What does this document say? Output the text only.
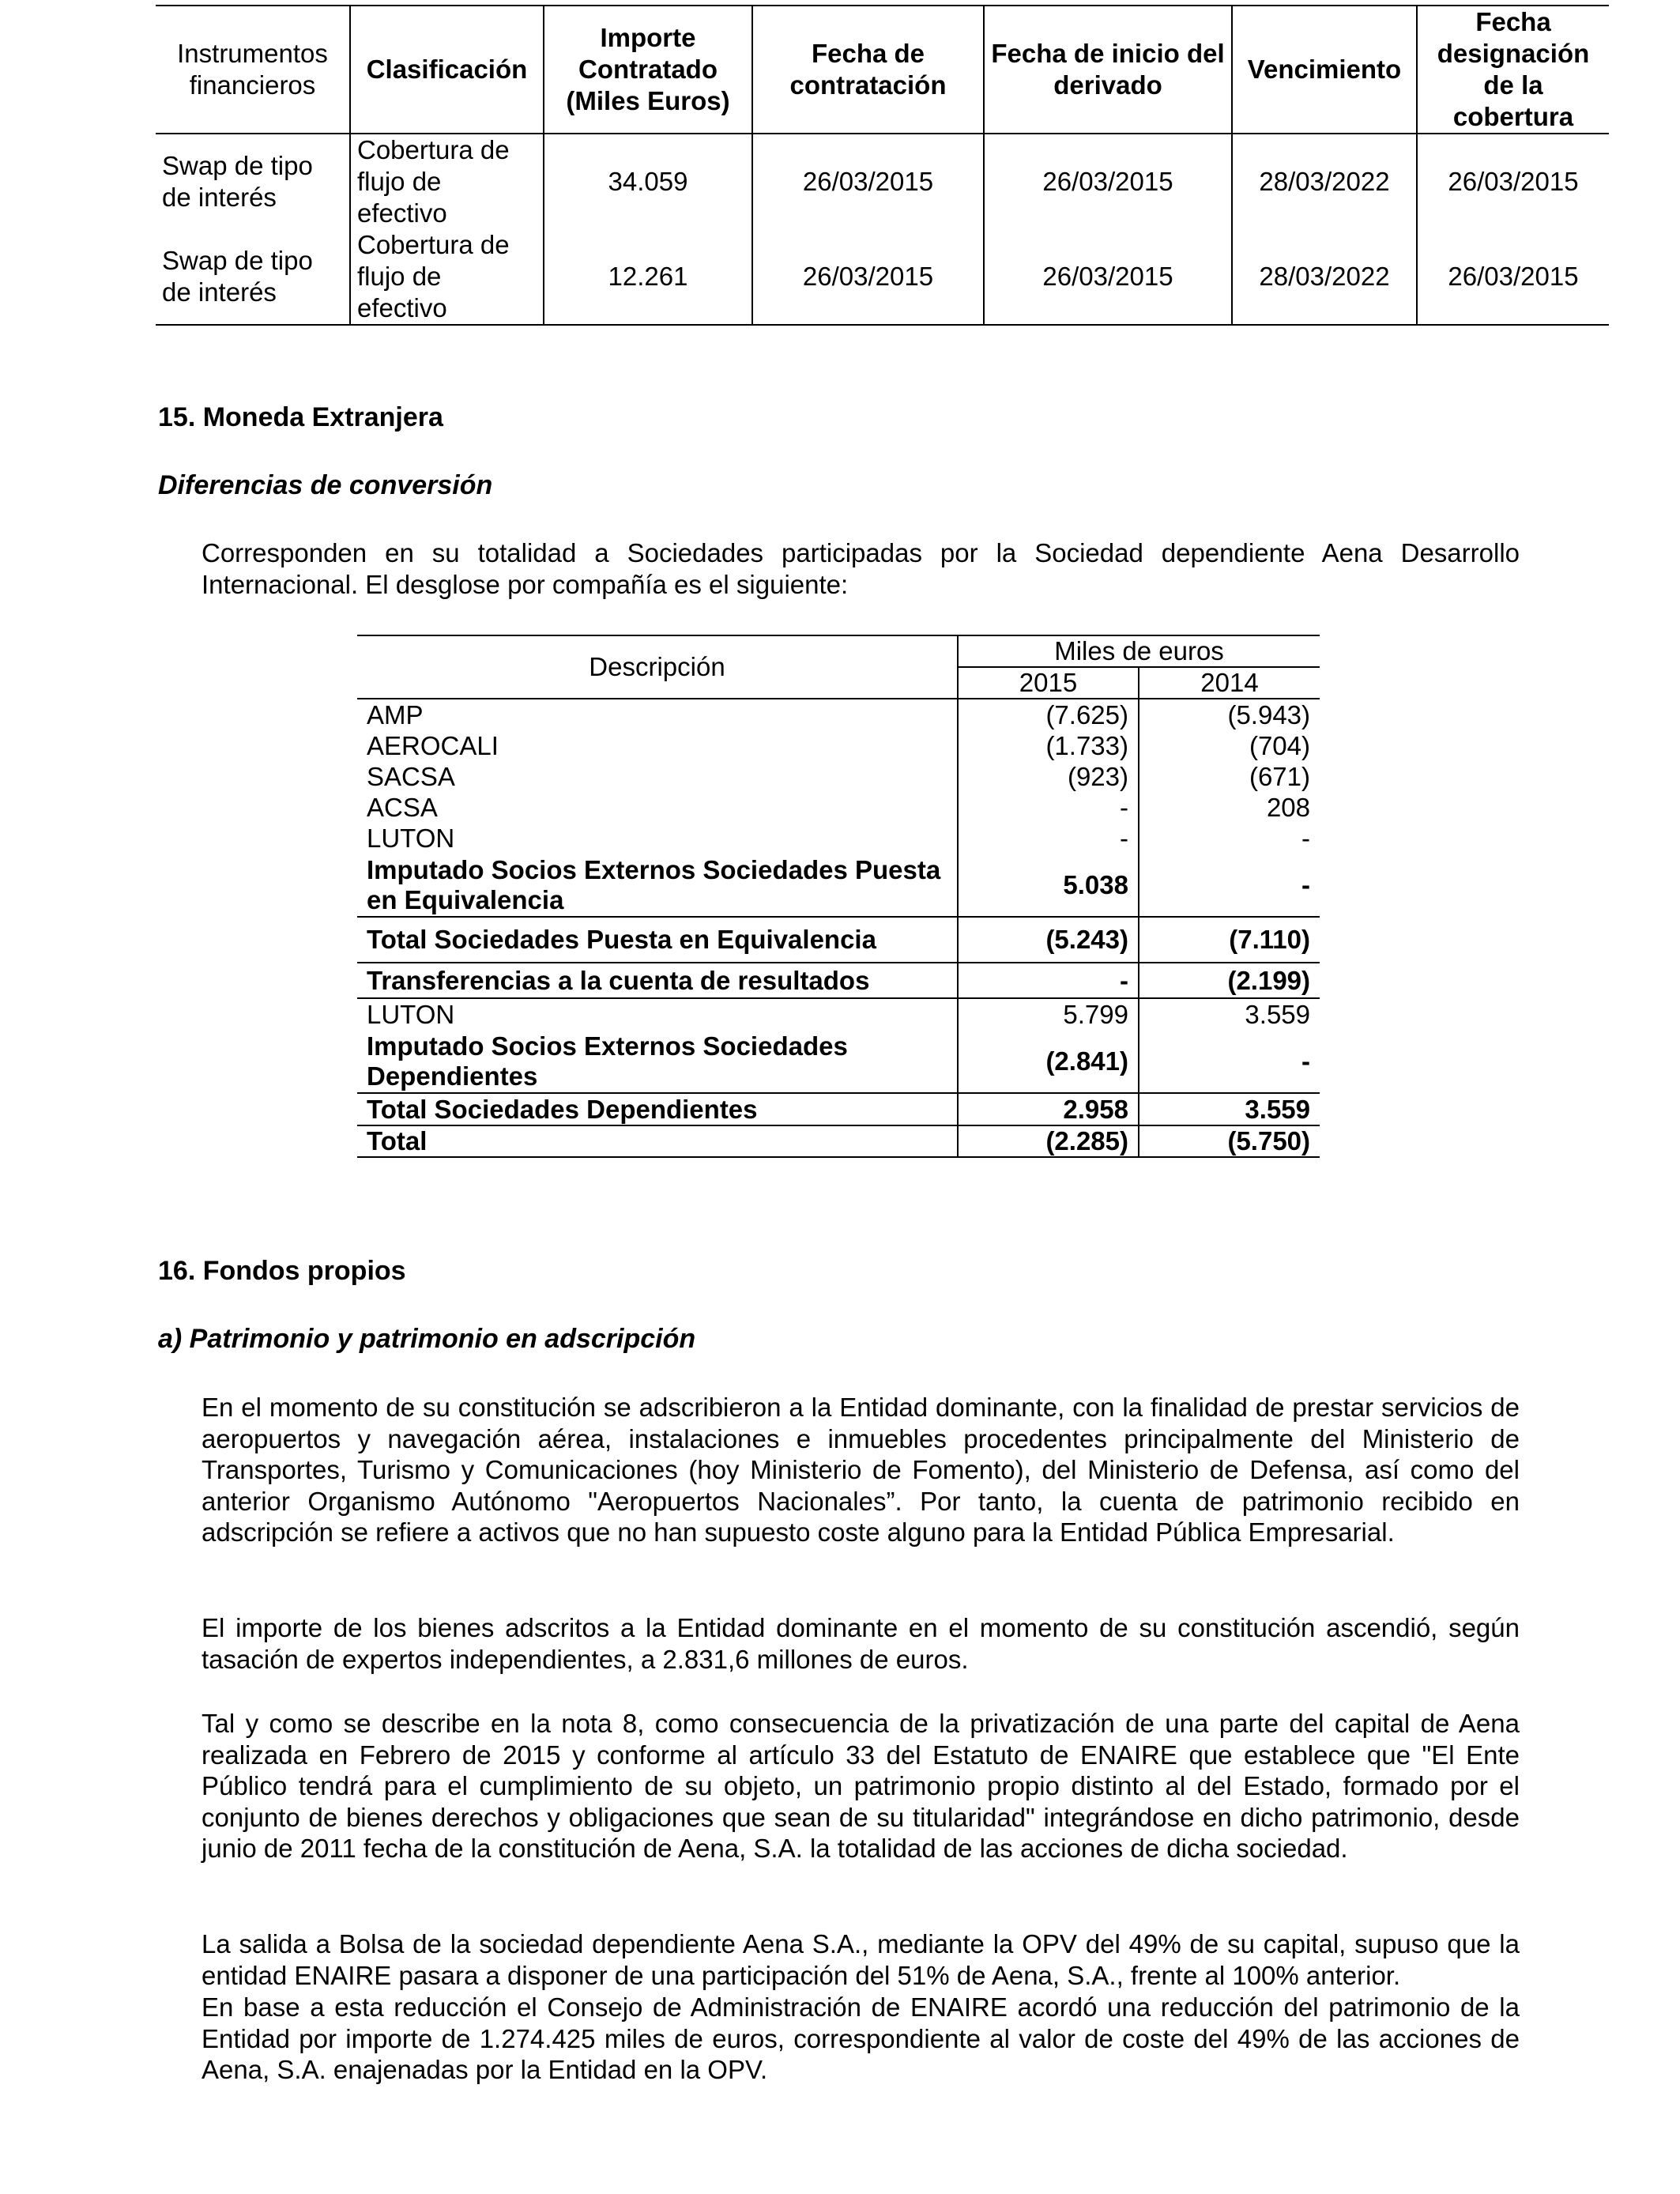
Instrumentos financieros	Clasificación	Importe Contratado (Miles Euros)	Fecha de contratación	Fecha de inicio del derivado	Vencimiento	Fecha designación de la cobertura
Swap de tipo de interés	Cobertura de flujo de efectivo	34.059	26/03/2015	26/03/2015	28/03/2022	26/03/2015
Swap de tipo de interés	Cobertura de flujo de efectivo	12.261	26/03/2015	26/03/2015	28/03/2022	26/03/2015
15. Moneda Extranjera
Diferencias de conversión
Corresponden en su totalidad a Sociedades participadas por la Sociedad dependiente Aena Desarrollo Internacional. El desglose por compañía es el siguiente:
Descripción	Miles de euros	
	2015	2014
AMP	(7.625)	(5.943)
AEROCALI	(1.733)	(704)
SACSA	(923)	(671)
ACSA	-	208
LUTON	-	-
Imputado Socios Externos Sociedades Puesta en Equivalencia	5.038	-
Total Sociedades Puesta en Equivalencia	(5.243)	(7.110)
Transferencias a la cuenta de resultados	-	(2.199)
LUTON	5.799	3.559
Imputado Socios Externos Sociedades Dependientes	(2.841)	-
Total Sociedades Dependientes	2.958	3.559
Total	(2.285)	(5.750)
16. Fondos propios
a) Patrimonio y patrimonio en adscripción
En el momento de su constitución se adscribieron a la Entidad dominante, con la finalidad de prestar servicios de aeropuertos y navegación aérea, instalaciones e inmuebles procedentes principalmente del Ministerio de Transportes, Turismo y Comunicaciones (hoy Ministerio de Fomento), del Ministerio de Defensa, así como del anterior Organismo Autónomo "Aeropuertos Nacionales”. Por tanto, la cuenta de patrimonio recibido en adscripción se refiere a activos que no han supuesto coste alguno para la Entidad Pública Empresarial.
El importe de los bienes adscritos a la Entidad dominante en el momento de su constitución ascendió, según tasación de expertos independientes, a 2.831,6 millones de euros.
Tal y como se describe en la nota 8, como consecuencia de la privatización de una parte del capital de Aena realizada en Febrero de 2015 y conforme al artículo 33 del Estatuto de ENAIRE que establece que "El Ente Público tendrá para el cumplimiento de su objeto, un patrimonio propio distinto al del Estado, formado por el conjunto de bienes derechos y obligaciones que sean de su titularidad" integrándose en dicho patrimonio, desde junio de 2011 fecha de la constitución de Aena, S.A. la totalidad de las acciones de dicha sociedad.
La salida a Bolsa de la sociedad dependiente Aena S.A., mediante la OPV del 49% de su capital, supuso que la entidad ENAIRE pasara a disponer de una participación del 51% de Aena, S.A., frente al 100% anterior.
En base a esta reducción el Consejo de Administración de ENAIRE acordó una reducción del patrimonio de la Entidad por importe de 1.274.425 miles de euros, correspondiente al valor de coste del 49% de las acciones de Aena, S.A. enajenadas por la Entidad en la OPV.
